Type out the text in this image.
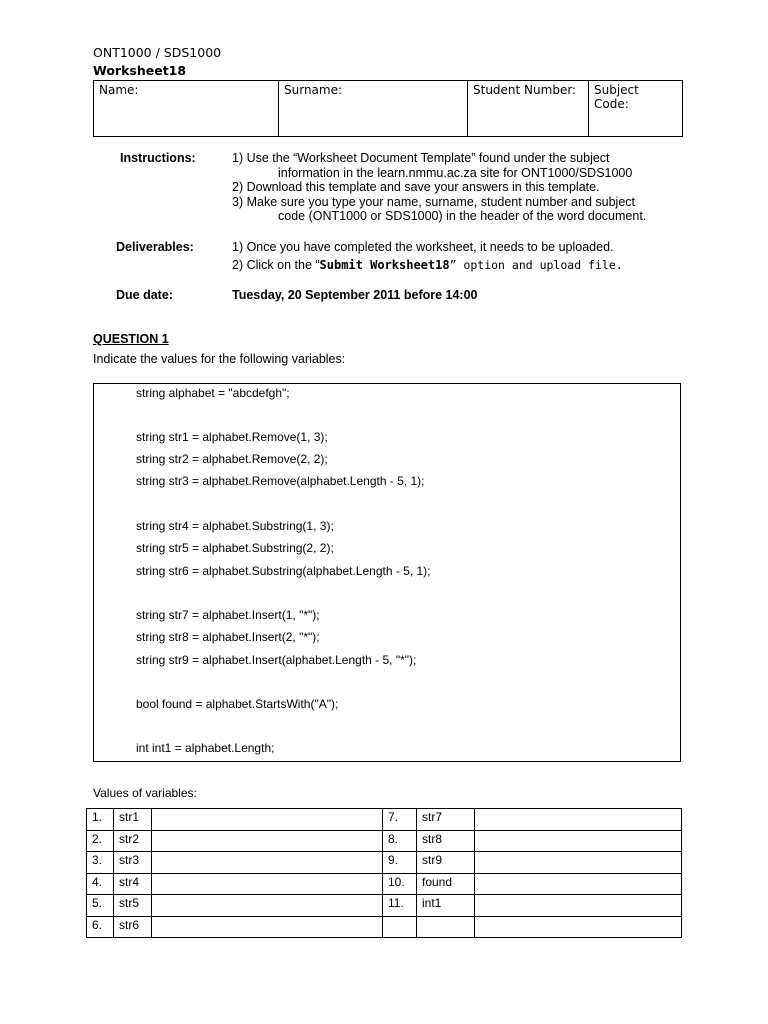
ONT1000 / SDS1000
Worksheet18
Name:	Surname:	Student Number:	Subject Code:
Instructions:	1) Use the “Worksheet Document Template” found under the subject
information in the learn.nmmu.ac.za site for ONT1000/SDS1000
2) Download this template and save your answers in this template.
3) Make sure you type your name, surname, student number and subject
code (ONT1000 or SDS1000) in the header of the word document.
Deliverables:	1) Once you have completed the worksheet, it needs to be uploaded.
2) Click on the “Submit Worksheet18” option and upload file.
Due date:	Tuesday, 20 September 2011 before 14:00
QUESTION 1
Indicate the values for the following variables:
string alphabet = "abcdefgh";
string str1 = alphabet.Remove(1, 3);
string str2 = alphabet.Remove(2, 2);
string str3 = alphabet.Remove(alphabet.Length - 5, 1);
string str4 = alphabet.Substring(1, 3);
string str5 = alphabet.Substring(2, 2);
string str6 = alphabet.Substring(alphabet.Length - 5, 1);
string str7 = alphabet.Insert(1, "*");
string str8 = alphabet.Insert(2, "*");
string str9 = alphabet.Insert(alphabet.Length - 5, "*");
bool found = alphabet.StartsWith("A");
int int1 = alphabet.Length;
Values of variables:
1.	str1		7.	str7	
2.	str2		8.	str8	
3.	str3		9.	str9	
4.	str4		10.	found	
5.	str5		11.	int1	
6.	str6				
